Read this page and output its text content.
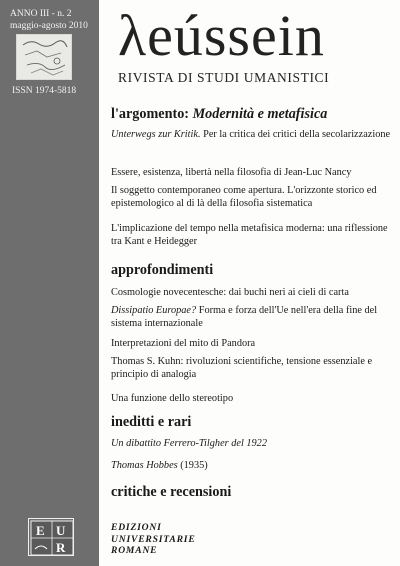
ANNO III - n. 2
maggio-agosto 2010
ISSN 1974-5818
E U
R
λeússein
RIVISTA DI STUDI UMANISTICI
l'argomento: Modernità e metafisica
Unterwegs zur Kritik. Per la critica dei critici della secolarizzazione
Essere, esistenza, libertà nella filosofia di Jean-Luc Nancy
Il soggetto contemporaneo come apertura. L'orizzonte storico ed epistemologico al di là della filosofia sistematica
L'implicazione del tempo nella metafisica moderna: una riflessione tra Kant e Heidegger
approfondimenti
Cosmologie novecentesche: dai buchi neri ai cieli di carta
Dissipatio Europae? Forma e forza dell'Ue nell'era della fine del sistema internazionale
Interpretazioni del mito di Pandora
Thomas S. Kuhn: rivoluzioni scientifiche, tensione essenziale e principio di analogia
Una funzione dello stereotipo
ineditti e rari
Un dibattito Ferrero-Tilgher del 1922
Thomas Hobbes (1935)
critiche e recensioni
EDIZIONI
UNIVERSITARIE
ROMANE
